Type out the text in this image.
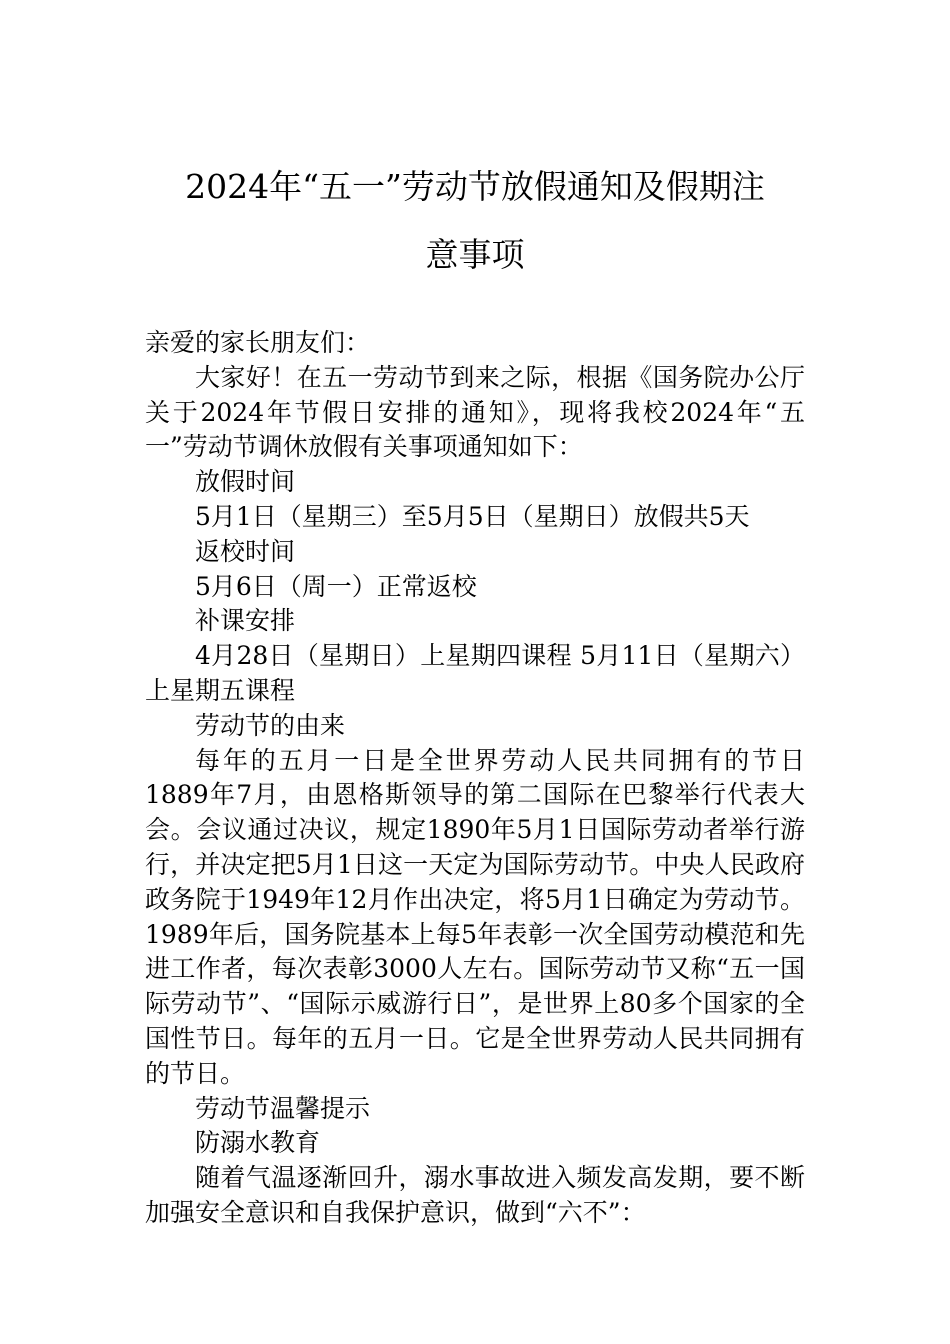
2024年“五一”劳动节放假通知及假期注
意事项

亲爱的家长朋友们：

大家好！在五一劳动节到来之际，根据《国务院办公厅关于2024年节假日安排的通知》，现将我校2024年“五一”劳动节调休放假有关事项通知如下：

放假时间

5月1日（星期三）至5月5日（星期日）放假共5天

返校时间

5月6日（周一）正常返校

补课安排

4月28日（星期日）上星期四课程 5月11日（星期六）上星期五课程

劳动节的由来

每年的五月一日是全世界劳动人民共同拥有的节日1889年7月，由恩格斯领导的第二国际在巴黎举行代表大会。会议通过决议，规定1890年5月1日国际劳动者举行游行，并决定把5月1日这一天定为国际劳动节。中央人民政府政务院于1949年12月作出决定，将5月1日确定为劳动节。1989年后，国务院基本上每5年表彰一次全国劳动模范和先进工作者，每次表彰3000人左右。国际劳动节又称“五一国际劳动节”、“国际示威游行日”，是世界上80多个国家的全国性节日。每年的五月一日。它是全世界劳动人民共同拥有的节日。

劳动节温馨提示

防溺水教育

随着气温逐渐回升，溺水事故进入频发高发期，要不断加强安全意识和自我保护意识，做到“六不”：
